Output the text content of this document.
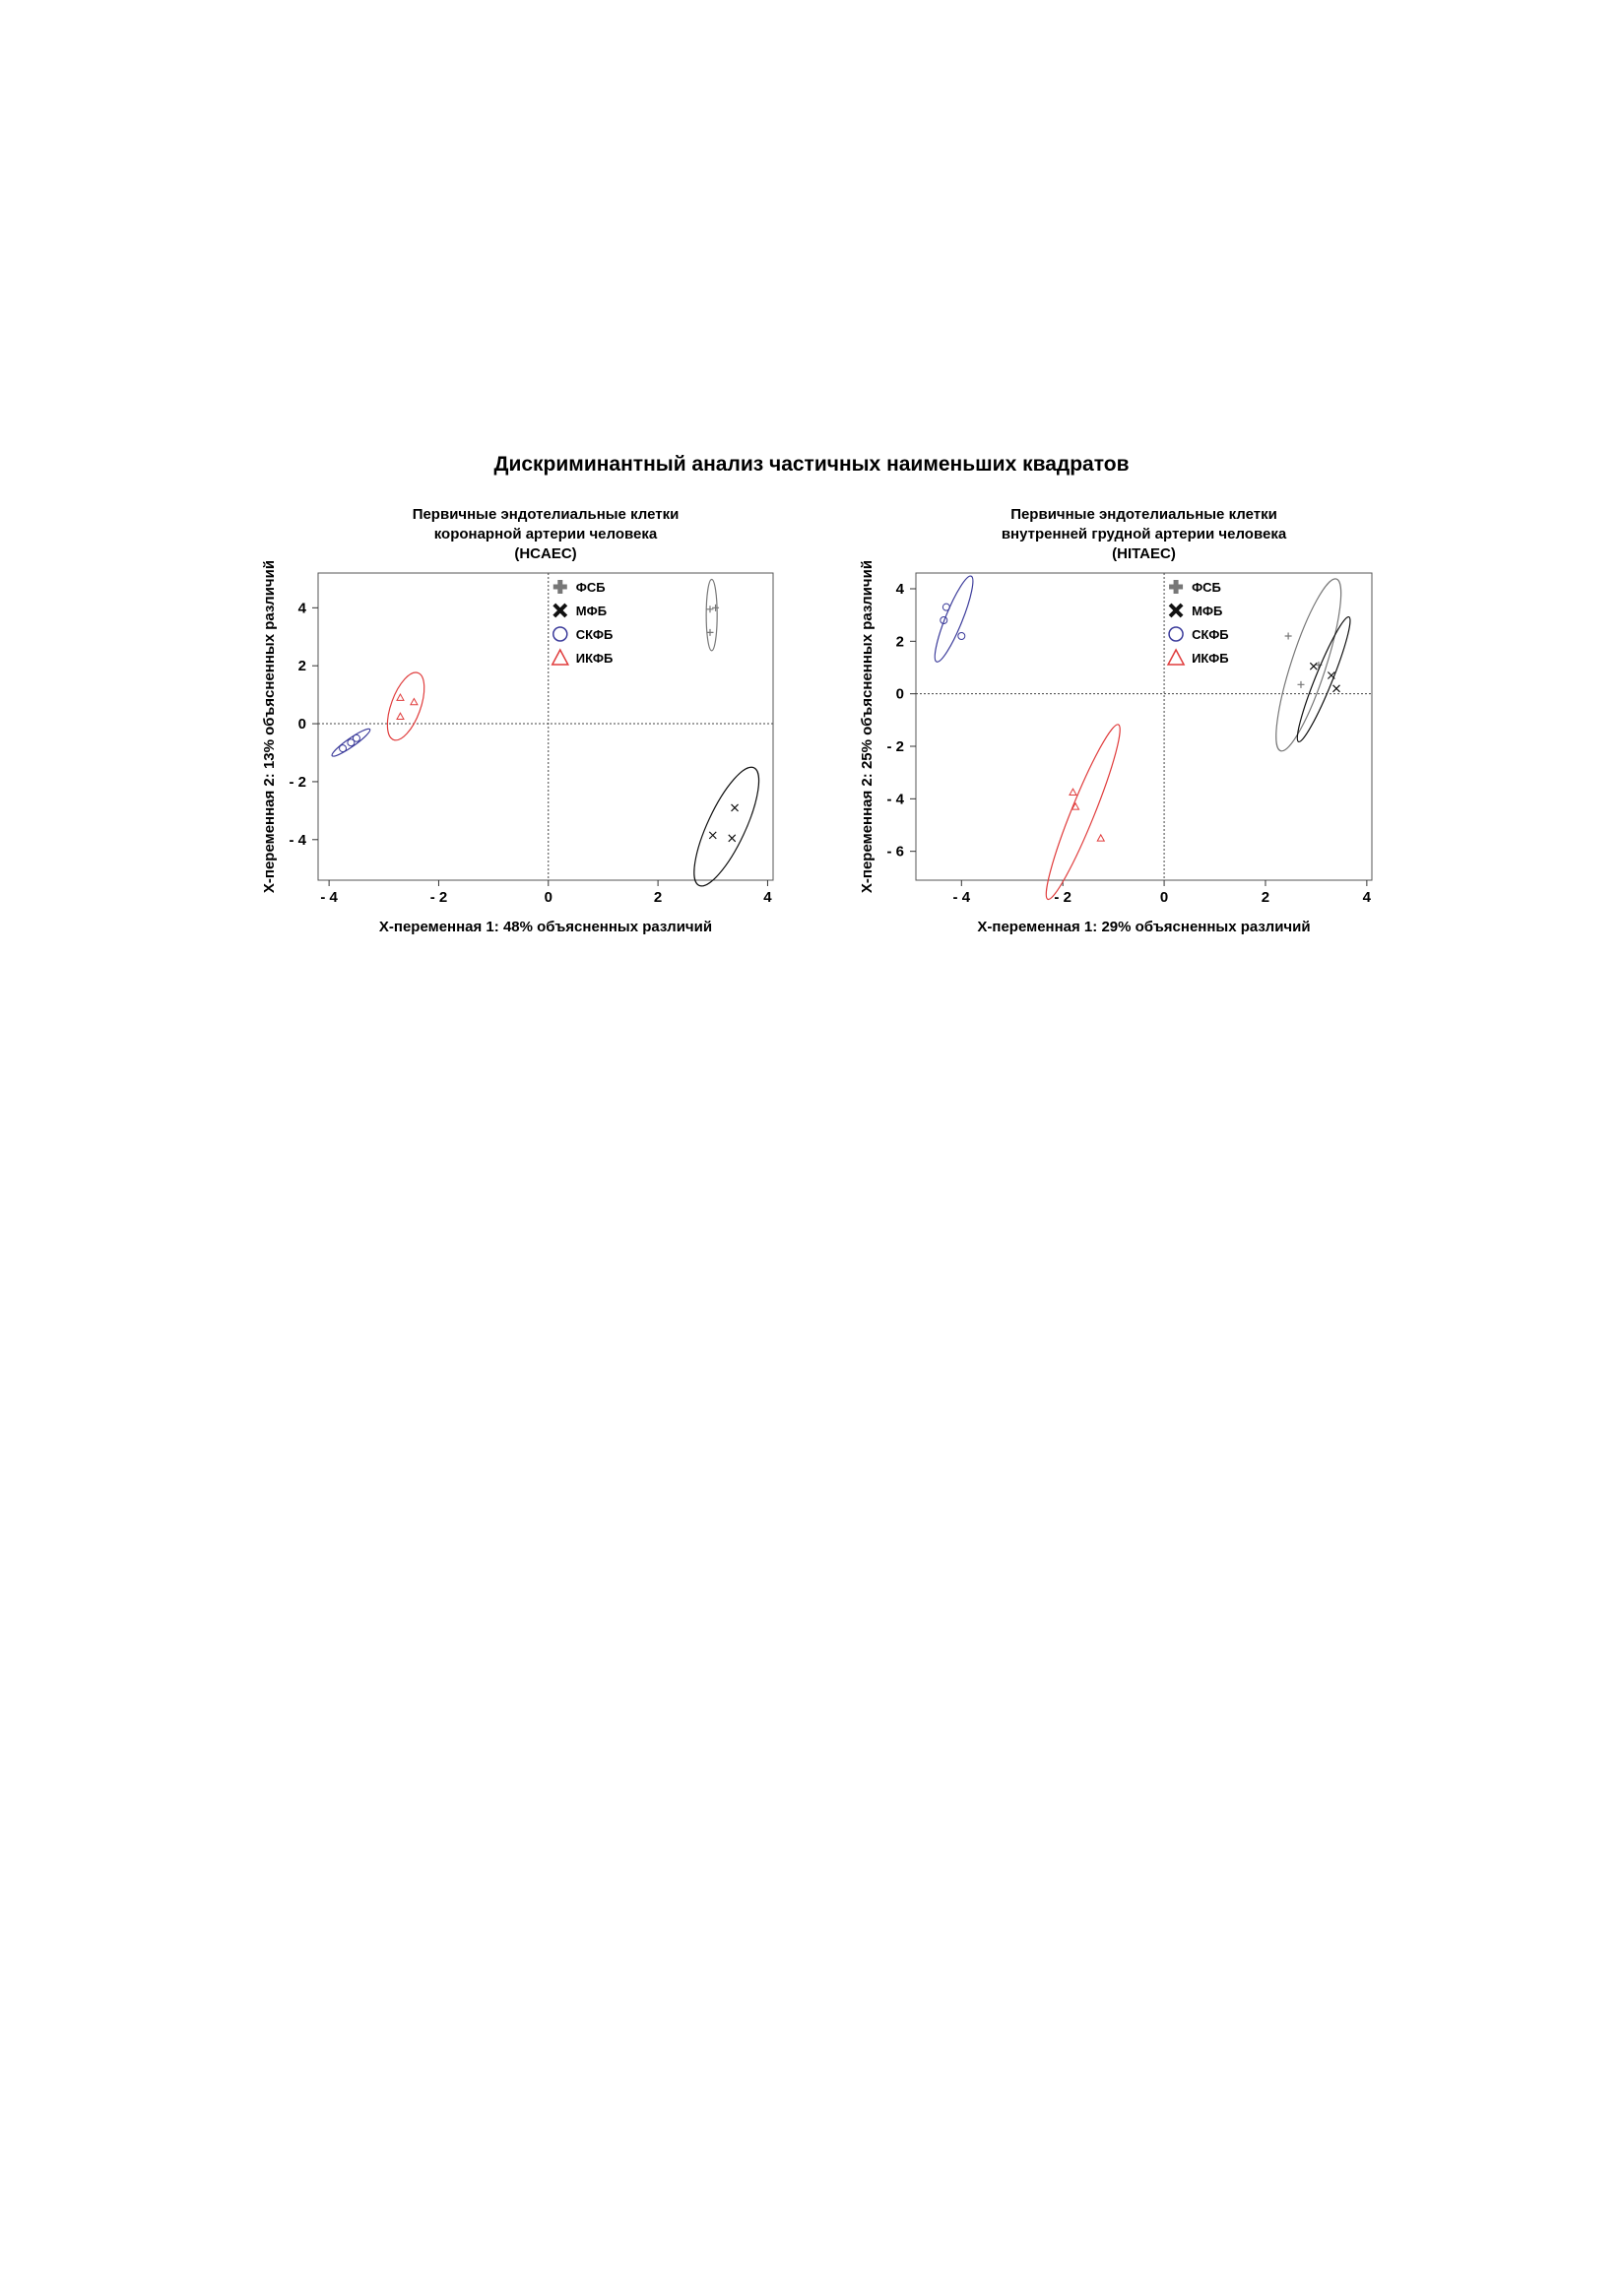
Дискриминантный анализ частичных наименьших квадратов
Первичные эндотелиальные клетки
коронарной артерии человека
(HCAEC)
- 4	- 2	0	2	4
- 4
- 2
0
2
4
X-переменная 1: 48% объясненных различий
X-переменная 2: 13% объясненных различий	ФСБ
МФБ
СКФБ
ИКФБ
Первичные эндотелиальные клетки
внутренней грудной артерии человека
(HITAEC)
- 4	- 2	0	2	4
- 6
- 4
- 2
0
2
4
X-переменная 1: 29% объясненных различий
X-переменная 2: 25% объясненных различий	ФСБ
МФБ
СКФБ
ИКФБ
